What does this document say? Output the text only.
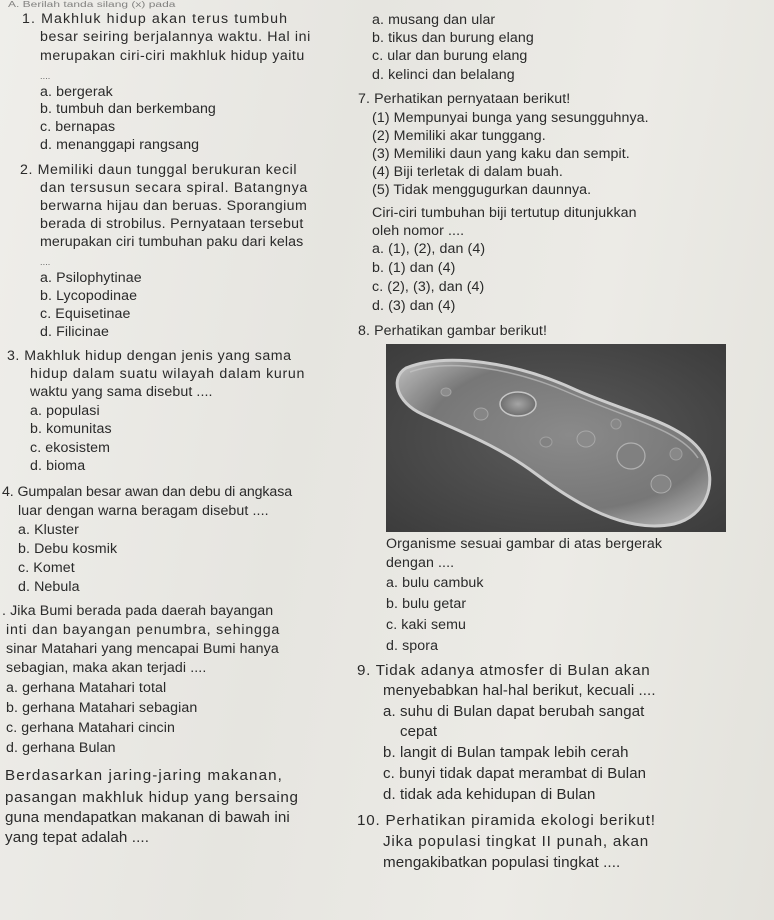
A. Berilah tanda silang (x) pada
1. Makhluk hidup akan terus tumbuh
besar seiring berjalannya waktu. Hal ini
merupakan ciri-ciri makhluk hidup yaitu
....
a. bergerak
b. tumbuh dan berkembang
c. bernapas
d. menanggapi rangsang
2. Memiliki daun tunggal berukuran kecil
dan tersusun secara spiral. Batangnya
berwarna hijau dan beruas. Sporangium
berada di strobilus. Pernyataan tersebut
merupakan ciri tumbuhan paku dari kelas
....
a. Psilophytinae
b. Lycopodinae
c. Equisetinae
d. Filicinae
3. Makhluk hidup dengan jenis yang sama
hidup dalam suatu wilayah dalam kurun
waktu yang sama disebut ....
a. populasi
b. komunitas
c. ekosistem
d. bioma
4. Gumpalan besar awan dan debu di angkasa
luar dengan warna beragam disebut ....
a. Kluster
b. Debu kosmik
c. Komet
d. Nebula
. Jika Bumi berada pada daerah bayangan
inti dan bayangan penumbra, sehingga
sinar Matahari yang mencapai Bumi hanya
sebagian, maka akan terjadi ....
a. gerhana Matahari total
b. gerhana Matahari sebagian
c. gerhana Matahari cincin
d. gerhana Bulan
Berdasarkan jaring-jaring makanan,
pasangan makhluk hidup yang bersaing
guna mendapatkan makanan di bawah ini
yang tepat adalah ....
a. musang dan ular
b. tikus dan burung elang
c. ular dan burung elang
d. kelinci dan belalang
7. Perhatikan pernyataan berikut!
(1) Mempunyai bunga yang sesungguhnya.
(2) Memiliki akar tunggang.
(3) Memiliki daun yang kaku dan sempit.
(4) Biji terletak di dalam buah.
(5) Tidak menggugurkan daunnya.
Ciri-ciri tumbuhan biji tertutup ditunjukkan
oleh nomor ....
a. (1), (2), dan (4)
b. (1) dan (4)
c. (2), (3), dan (4)
d. (3) dan (4)
8. Perhatikan gambar berikut!
Organisme sesuai gambar di atas bergerak
dengan ....
a. bulu cambuk
b. bulu getar
c. kaki semu
d. spora
9. Tidak adanya atmosfer di Bulan akan
menyebabkan hal-hal berikut, kecuali ....
a. suhu di Bulan dapat berubah sangat
cepat
b. langit di Bulan tampak lebih cerah
c. bunyi tidak dapat merambat di Bulan
d. tidak ada kehidupan di Bulan
10. Perhatikan piramida ekologi berikut!
Jika populasi tingkat II punah, akan
mengakibatkan populasi tingkat ....
